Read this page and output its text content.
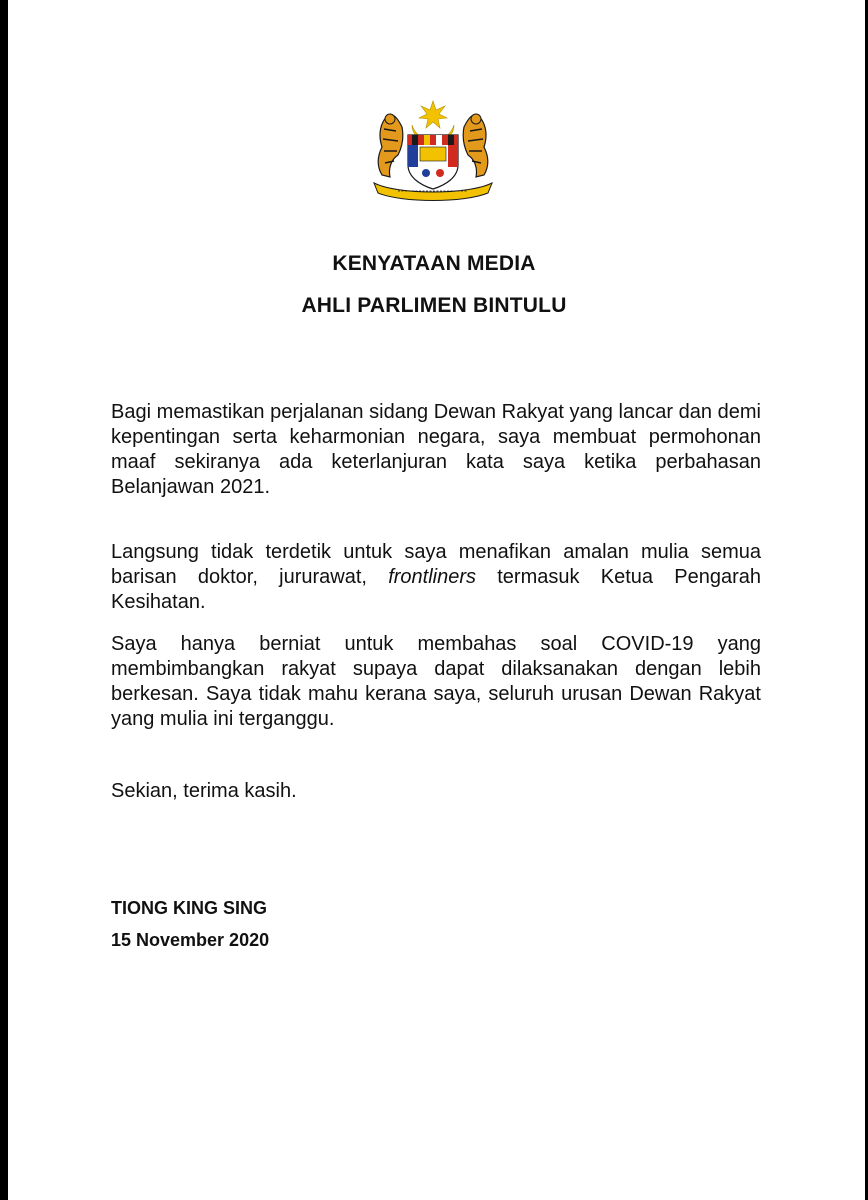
KENYATAAN MEDIA
AHLI PARLIMEN BINTULU

Bagi memastikan perjalanan sidang Dewan Rakyat yang lancar dan demi kepentingan serta keharmonian negara, saya membuat permohonan maaf sekiranya ada keterlanjuran kata saya ketika perbahasan Belanjawan 2021.

Langsung tidak terdetik untuk saya menafikan amalan mulia semua barisan doktor, jururawat, frontliners termasuk Ketua Pengarah Kesihatan.

Saya hanya berniat untuk membahas soal COVID-19 yang membimbangkan rakyat supaya dapat dilaksanakan dengan lebih berkesan. Saya tidak mahu kerana saya, seluruh urusan Dewan Rakyat yang mulia ini terganggu.

Sekian, terima kasih.

TIONG KING SING
15 November 2020
